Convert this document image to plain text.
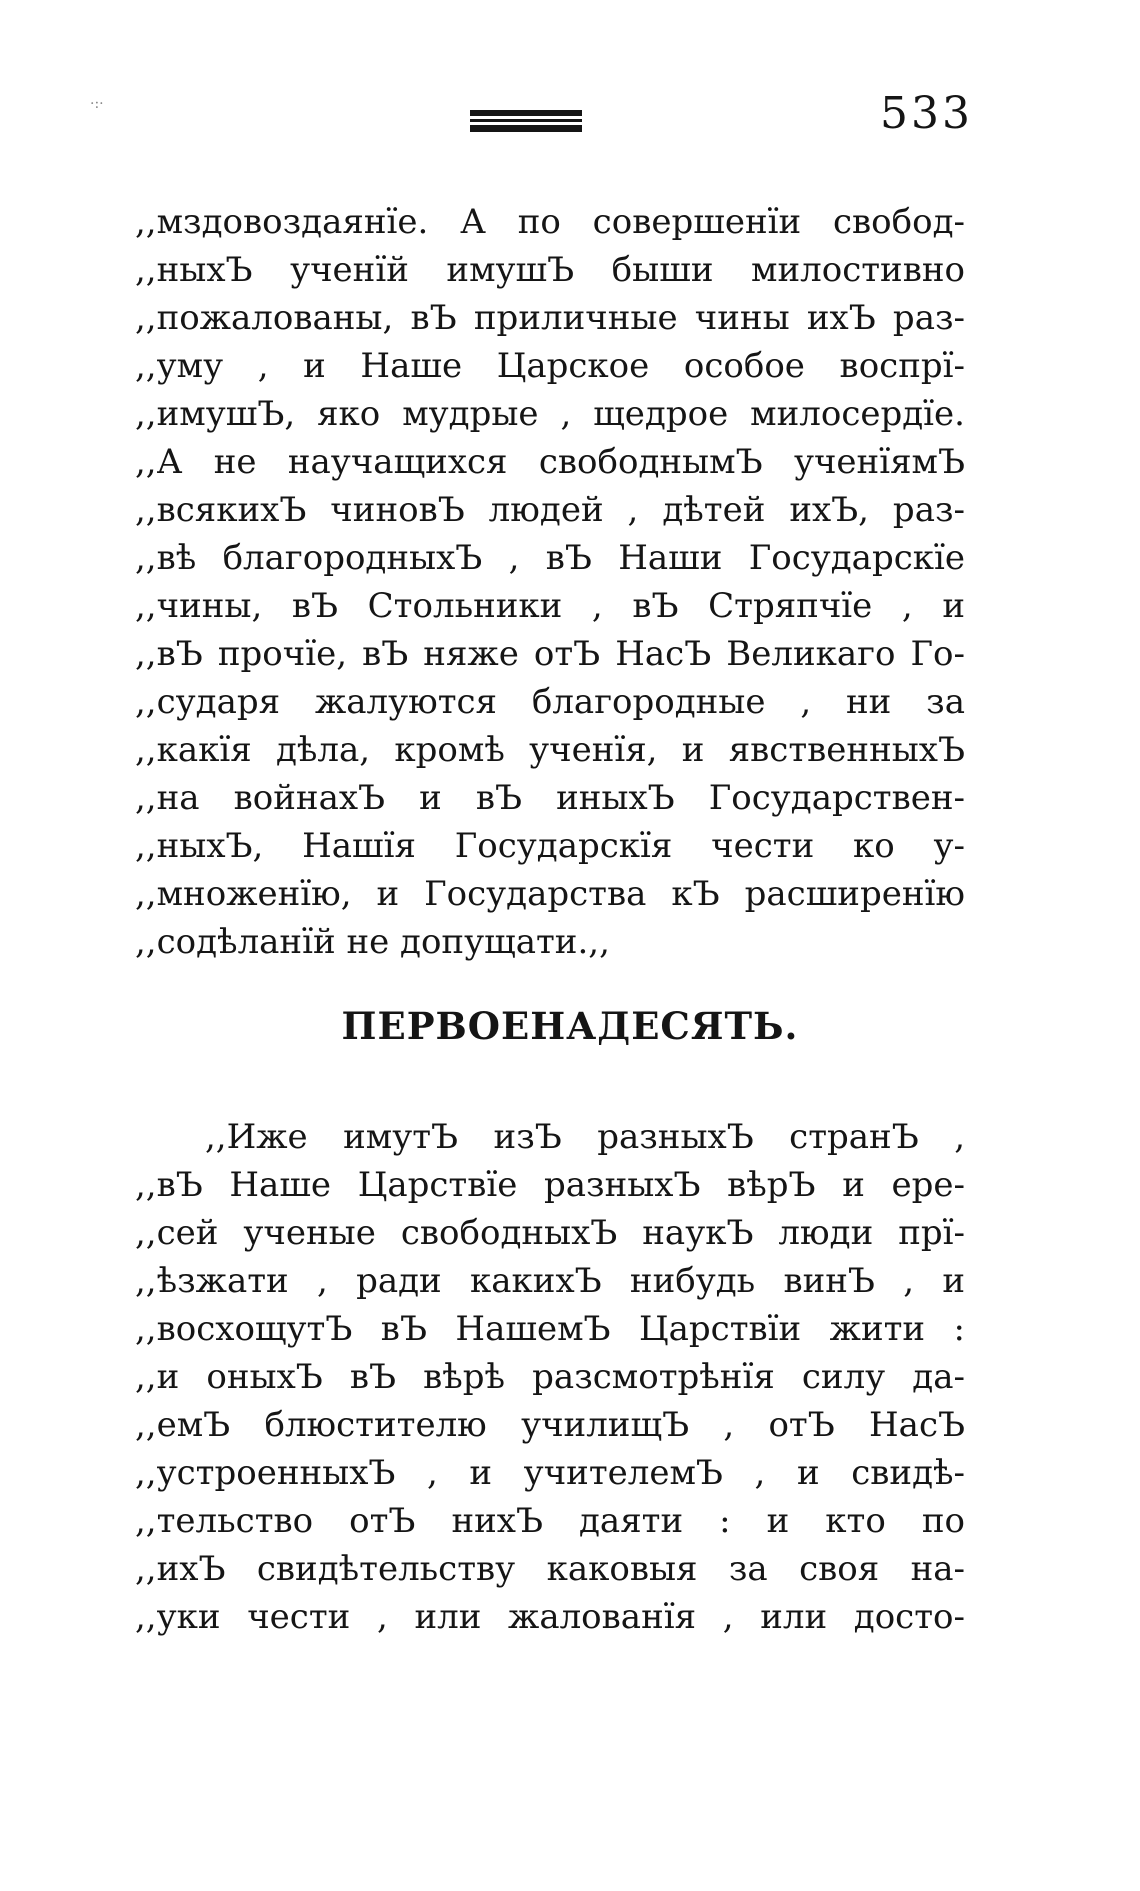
·:·	533
,,мздовоздаянїе. А по совершенїи свобод-
,,ныхЪ ученїй имушЪ быши милостивно
,,пожалованы, вЪ приличные чины ихЪ раз-
,,уму , и Наше Царское особое воспрї-
,,имушЪ, яко мудрые , щедрое милосердїе.
,,А не научащихся свободнымЪ ученїямЪ
,,всякихЪ чиновЪ людей , дѣтей ихЪ, раз-
,,вѣ благородныхЪ , вЪ Наши Государскїе
,,чины, вЪ Стольники , вЪ Стряпчїе , и
,,вЪ прочїе, вЪ няже отЪ НасЪ Великаго Го-
,,сударя жалуются благородные , ни за
,,какїя дѣла, кромѣ ученїя, и явственныхЪ
,,на войнахЪ и вЪ иныхЪ Государствен-
,,ныхЪ, Нашїя Государскїя чести ко у-
,,множенїю, и Государства кЪ расширенїю
,,содѣланїй не допущати.,,
ПЕРВОЕНАДЕСЯТЬ.
,,Иже имутЪ изЪ разныхЪ странЪ ,
,,вЪ Наше Царствїе разныхЪ вѣрЪ и ере-
,,сей ученые свободныхЪ наукЪ люди прї-
,,ѣзжати , ради какихЪ нибудь винЪ , и
,,восхощутЪ вЪ НашемЪ Царствїи жити :
,,и оныхЪ вЪ вѣрѣ разсмотрѣнїя силу да-
,,емЪ блюстителю училищЪ , отЪ НасЪ
,,устроенныхЪ , и учителемЪ , и свидѣ-
,,тельство отЪ нихЪ даяти : и кто по
,,ихЪ свидѣтельству каковыя за своя на-
,,уки чести , или жалованїя , или достo-
